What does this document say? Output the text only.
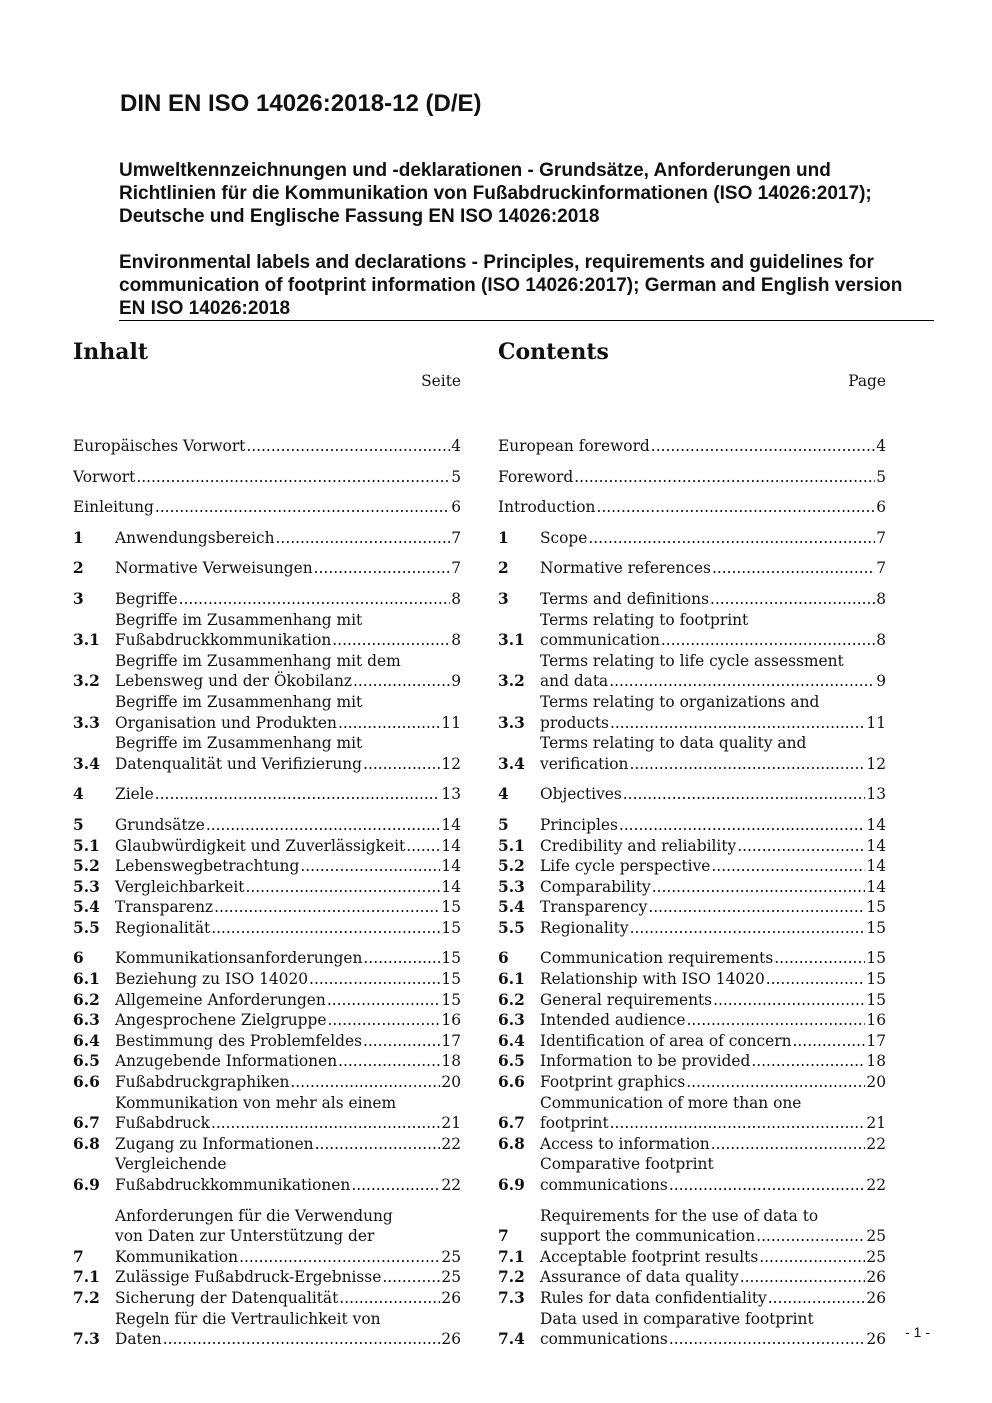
DIN EN ISO 14026:2018-12 (D/E)

Umweltkennzeichnungen und -deklarationen - Grundsätze, Anforderungen und Richtlinien für die Kommunikation von Fußabdruckinformationen (ISO 14026:2017); Deutsche und Englische Fassung EN ISO 14026:2018

Environmental labels and declarations - Principles, requirements and guidelines for communication of footprint information (ISO 14026:2017); German and English version EN ISO 14026:2018

Inhalt
Seite
Europäisches Vorwort .....	4
Vorwort .....	5
Einleitung .....	6
1	Anwendungsbereich .....	7
2	Normative Verweisungen .....	7
3	Begriffe .....	8
3.1
Begriffe im Zusammenhang mit
Fußabdruckkommunikation .....	8
3.2
Begriffe im Zusammenhang mit dem
Lebensweg und der Ökobilanz .....	9
3.3
Begriffe im Zusammenhang mit
Organisation und Produkten .....	11
3.4
Begriffe im Zusammenhang mit
Datenqualität und Verifizierung .....	12
4	Ziele .....	13
5	Grundsätze .....	14
5.1 Glaubwürdigkeit und Zuverlässigkeit ..... 14
5.2 Lebenswegbetrachtung .....	14
5.3 Vergleichbarkeit .....	14
5.4 Transparenz .....	15
5.5 Regionalität .....	15
6	Kommunikationsanforderungen .....	15
6.1 Beziehung zu ISO 14020 .....	15
6.2 Allgemeine Anforderungen .....	15
6.3 Angesprochene Zielgruppe .....	16
6.4 Bestimmung des Problemfeldes .....	17
6.5 Anzugebende Informationen .....	18
6.6 Fußabdruckgraphiken .....	20
6.7
Kommunikation von mehr als einem
Fußabdruck .....	21
6.8 Zugang zu Informationen .....	22
6.9
Vergleichende
Fußabdruckkommunikationen .....	22
7
Anforderungen für die Verwendung
von Daten zur Unterstützung der
Kommunikation .....	25
7.1 Zulässige Fußabdruck-Ergebnisse .....	25
7.2 Sicherung der Datenqualität .....	26
7.3
Regeln für die Vertraulichkeit von
Daten .....	26
Contents
Page
European foreword .....	4
Foreword .....	5
Introduction .....	6
1	Scope .....	7
2	Normative references .....	7
3	Terms and definitions .....	8
3.1
Terms relating to footprint
communication .....	8
3.2
Terms relating to life cycle assessment
and data .....	9
3.3
Terms relating to organizations and
products .....	11
3.4
Terms relating to data quality and
verification .....	12
4	Objectives .....	13
5	Principles .....	14
5.1 Credibility and reliability .....	14
5.2 Life cycle perspective .....	14
5.3 Comparability .....	14
5.4 Transparency .....	15
5.5 Regionality .....	15
6	Communication requirements .....	15
6.1 Relationship with ISO 14020 .....	15
6.2 General requirements .....	15
6.3 Intended audience .....	16
6.4 Identification of area of concern .....	17
6.5 Information to be provided .....	18
6.6 Footprint graphics .....	20
6.7
Communication of more than one
footprint .....	21
6.8 Access to information .....	22
6.9
Comparative footprint
communications .....	22
7
Requirements for the use of data to
support the communication .....	25
7.1 Acceptable footprint results .....	25
7.2 Assurance of data quality .....	26
7.3 Rules for data confidentiality .....	26
7.4
Data used in comparative footprint
communications .....	26 - 1 -
